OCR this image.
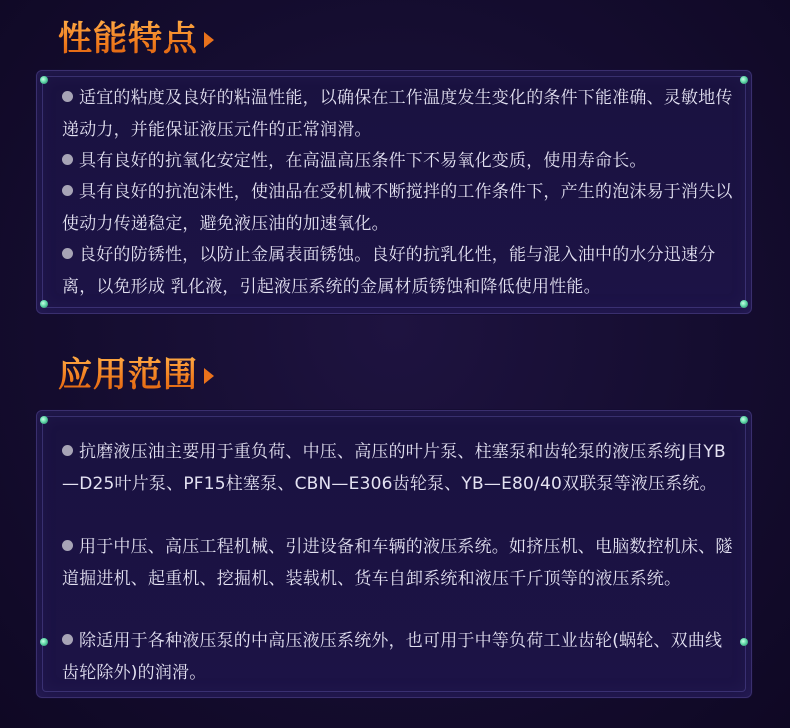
性能特点
适宜的粘度及良好的粘温性能，以确保在工作温度发生变化的条件下能准确、灵敏地传递动力，并能保证液压元件的正常润滑。
具有良好的抗氧化安定性，在高温高压条件下不易氧化变质，使用寿命长。
具有良好的抗泡沫性，使油品在受机械不断搅拌的工作条件下，产生的泡沫易于消失以使动力传递稳定，避免液压油的加速氧化。
良好的防锈性，以防止金属表面锈蚀。良好的抗乳化性，能与混入油中的水分迅速分离，以免形成 乳化液，引起液压系统的金属材质锈蚀和降低使用性能。
应用范围
抗磨液压油主要用于重负荷、中压、高压的叶片泵、柱塞泵和齿轮泵的液压系统J目YB—D25叶片泵、PF15柱塞泵、CBN—E306齿轮泵、YB—E80/40双联泵等液压系统。
用于中压、高压工程机械、引进设备和车辆的液压系统。如挤压机、电脑数控机床、隧道掘进机、起重机、挖掘机、装载机、货车自卸系统和液压千斤顶等的液压系统。
除适用于各种液压泵的中高压液压系统外，也可用于中等负荷工业齿轮(蜗轮、双曲线齿轮除外)的润滑。
